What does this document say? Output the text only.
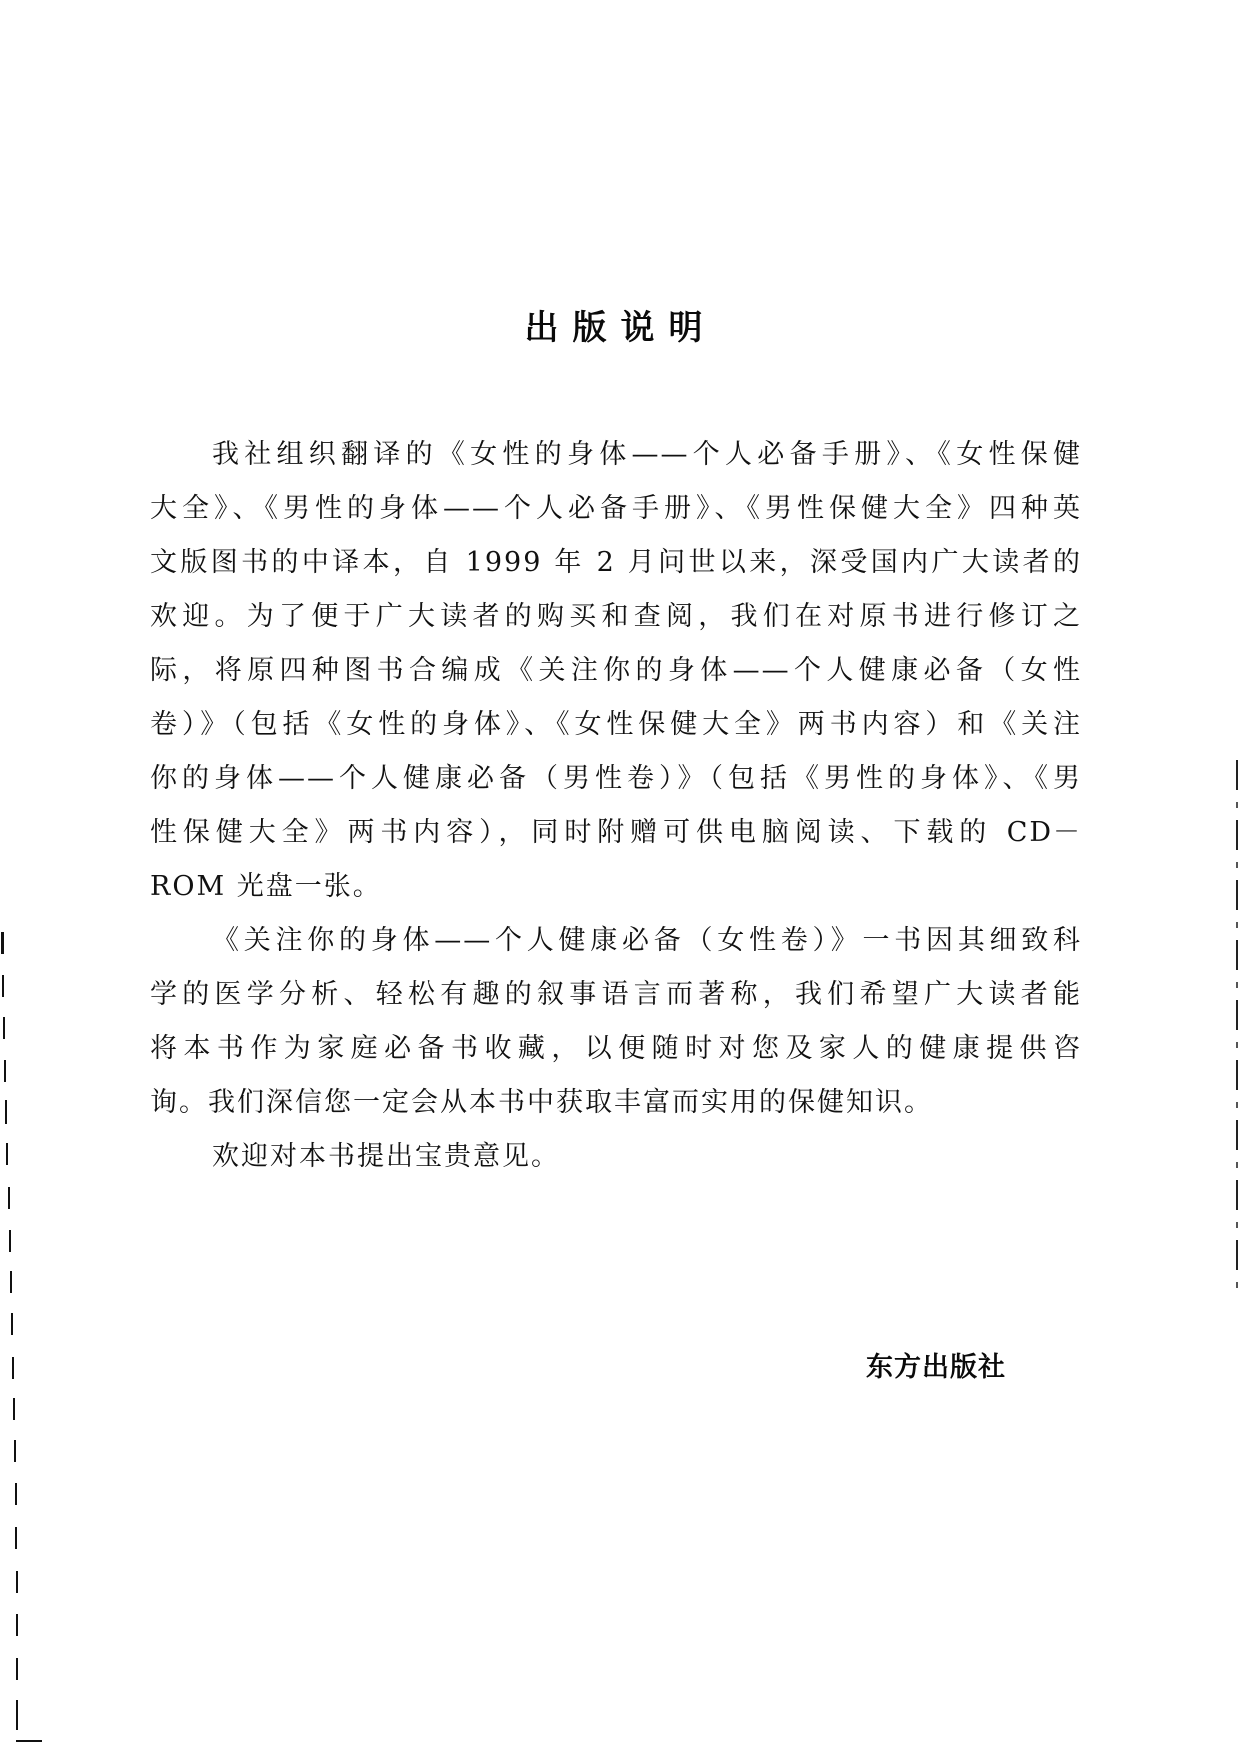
出版说明
我社组织翻译的《女性的身体——个人必备手册》、《女性保健
大全》、《男性的身体——个人必备手册》、《男性保健大全》四种英
文版图书的中译本，自 1999 年 2 月问世以来，深受国内广大读者的
欢迎。为了便于广大读者的购买和查阅，我们在对原书进行修订之
际，将原四种图书合编成《关注你的身体——个人健康必备（女性
卷）》（包括《女性的身体》、《女性保健大全》两书内容）和《关注
你的身体——个人健康必备（男性卷）》（包括《男性的身体》、《男
性保健大全》两书内容），同时附赠可供电脑阅读、下载的 CD－
ROM 光盘一张。
《关注你的身体——个人健康必备（女性卷）》一书因其细致科
学的医学分析、轻松有趣的叙事语言而著称，我们希望广大读者能
将本书作为家庭必备书收藏，以便随时对您及家人的健康提供咨
询。我们深信您一定会从本书中获取丰富而实用的保健知识。
欢迎对本书提出宝贵意见。
东方出版社
